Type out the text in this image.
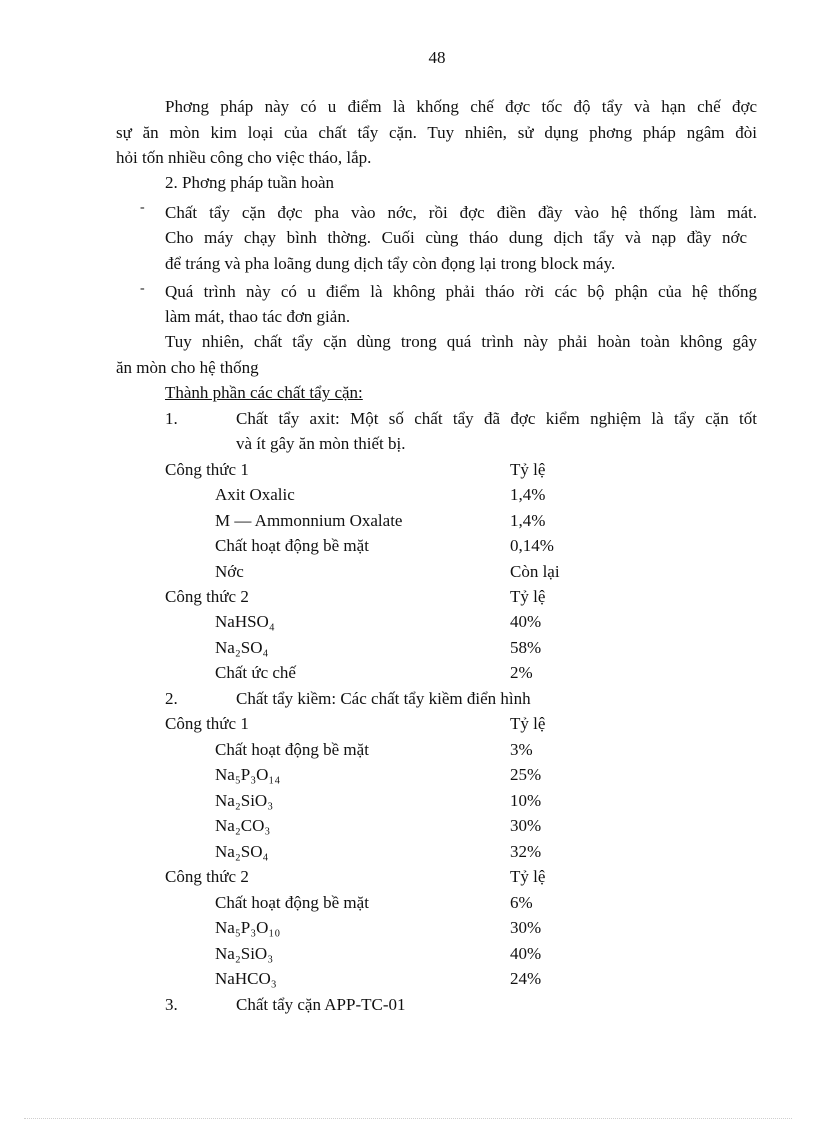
48
Phơng pháp này có u điểm là khống chế đợc tốc độ tẩy và hạn chế đợc
sự ăn mòn kim loại của chất tẩy cặn. Tuy nhiên, sử dụng phơng pháp ngâm đòi
hỏi tốn nhiều công cho việc tháo, lắp.
2. Phơng pháp tuần hoàn
- Chất tẩy cặn đợc pha vào nớc, rồi đợc điền đầy vào hệ thống làm mát.
Cho máy chạy bình thờng. Cuối cùng tháo dung dịch tẩy và nạp đầy nớc
để tráng và pha loãng dung dịch tẩy còn đọng lại trong block máy.
- Quá trình này có u điểm là không phải tháo rời các bộ phận của hệ thống
làm mát, thao tác đơn giản.
Tuy nhiên, chất tẩy cặn dùng trong quá trình này phải hoàn toàn không gây
ăn mòn cho hệ thống
Thành phần các chất tẩy cặn:
1.	Chất tẩy axit: Một số chất tẩy đã đợc kiểm nghiệm là tẩy cặn tốt
và ít gây ăn mòn thiết bị.
Công thức 1	Tỷ lệ
Axit Oxalic	1,4%
M — Ammonnium Oxalate	1,4%
Chất hoạt động bề mặt	0,14%
Nớc	Còn lại
Công thức 2	Tỷ lệ
NaHSO₄	40%
Na₂SO₄	58%
Chất ức chế	2%
2.	Chất tẩy kiềm: Các chất tẩy kiềm điển hình
Công thức 1	Tỷ lệ
Chất hoạt động bề mặt	3%
Na₅P₃O₁₄	25%
Na₂SiO₃	10%
Na₂CO₃	30%
Na₂SO₄	32%
Công thức 2	Tỷ lệ
Chất hoạt động bề mặt	6%
Na₅P₃O₁₀	30%
Na₂SiO₃	40%
NaHCO₃	24%
3.	Chất tẩy cặn APP-TC-01
